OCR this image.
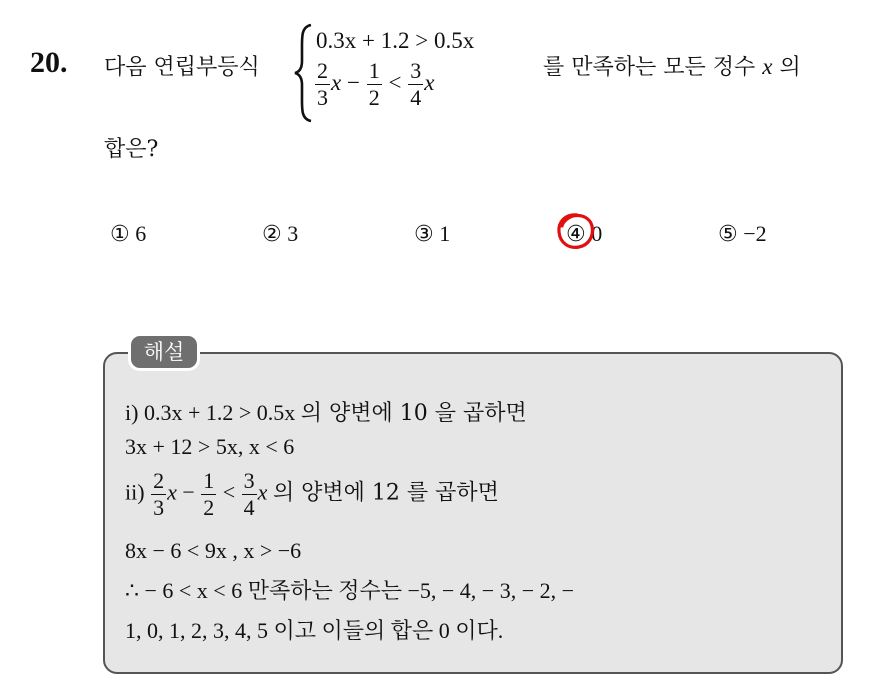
20. 다음 연립부등식
0.3x + 1.2 > 0.5x
$\frac{2}{3}$ $x - \frac{1}{2} < \frac{3}{4}$ x
를 만족하는 모든 정수 x 의
합은?
① 6	② 3	③ 1	④ 0	⑤ −2
해설
i) 0.3x + 1.2 > 0.5x 의 양변에 10 을 곱하면
3x + 12 > 5x, x < 6
$ii) \frac{2}{3}$ $x - \frac{1}{2} < \frac{3}{4}$ x 의 양변에 12 를 곱하면
8x − 6 < 9x , x > −6
∴ − 6 < x < 6 만족하는 정수는 −5, − 4, − 3, − 2, −
1, 0, 1, 2, 3, 4, 5 이고 이들의 합은 0 이다.
